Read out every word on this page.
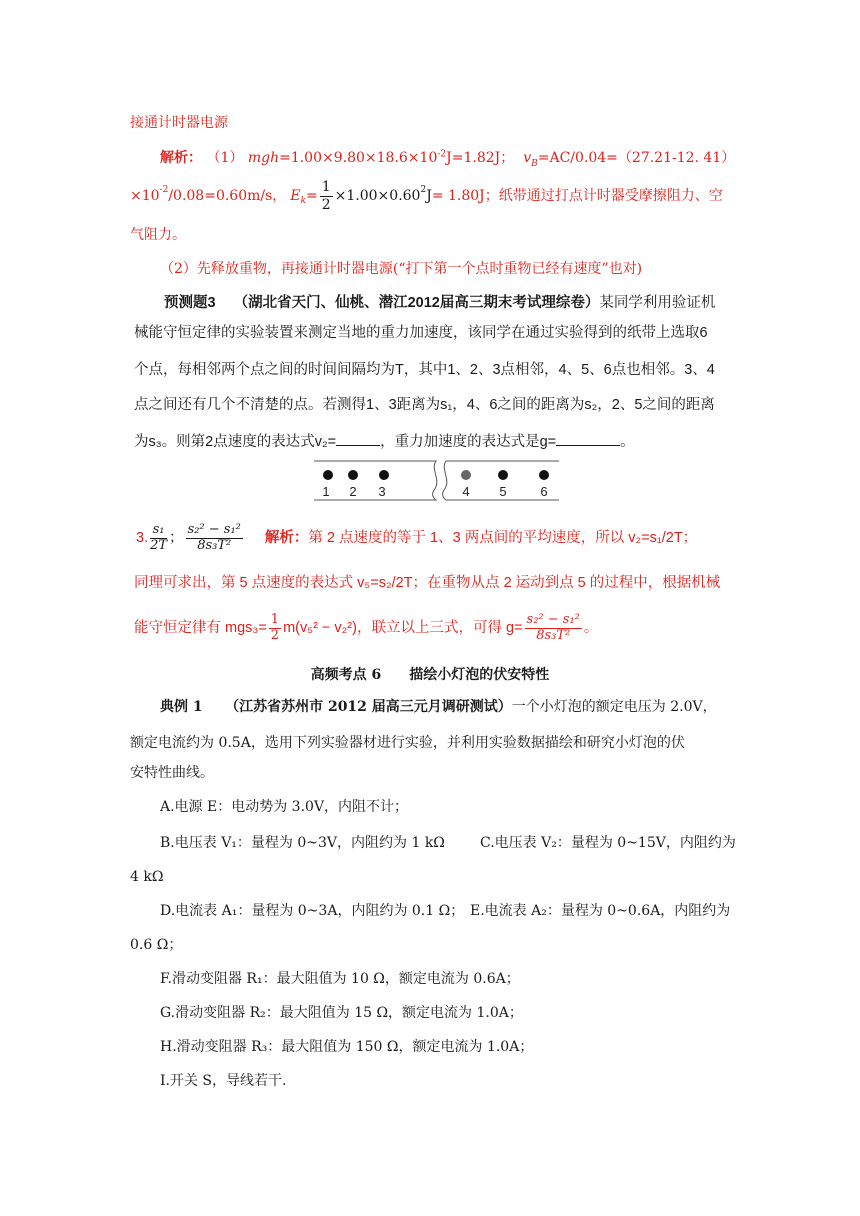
接通计时器电源
解析： （1） $mgh=1.00\times 9.80\times 18.6\times 10^{-2}J=1.82J$； $v_B=AC/0.04=(27.21-12$. 41）
$\times 10^{-2}$ /0.08=0.60m/s， $E_k = \frac{1}{2} \times 1.00\times 0.60^2$ J = 1.80J；纸带通过打点计时器受摩擦阻力、空
气阻力。
（2）先释放重物，再接通计时器电源(“打下第一个点时重物已经有速度”也对)
预测题3 （湖北省天门、仙桃、潜江2012届高三期末考试理综卷）某同学利用验证机
械能守恒定律的实验装置来测定当地的重力加速度，该同学在通过实验得到的纸带上选取6
个点，每相邻两个点之间的时间间隔均为T，其中1、2、3点相邻，4、5、6点也相邻。3、4
点之间还有几个不清楚的点。若测得1、3距离为s₁，4、6之间的距离为s₂，2、5之间的距离
为s₃。则第2点速度的表达式v₂=	，重力加速度的表达式是g=	。
1 2 3	4 5	6
3. $\frac{\text{s₁}}{2T}$ ； $\frac{\text{s₂² − s₁²}}{\text{8s₃T²}}$ 解析： 第 2 点速度的等于 1、3 两点间的平均速度，所以 v₂=s₁/2T；
同理可求出，第 5 点速度的表达式 v₅=s₂/2T；在重物从点 2 运动到点 5 的过程中，根据机械
能守恒定律有 $mgs_3= \frac{1}{2} m(v_5^2 - v_2^2)$，联立以上三式，可得 $g= \frac{\text{s₂² − s₁²}}{\text{8s₃T²}}$ 。
高频考点 6　　描绘小灯泡的伏安特性
典例 1 （江苏省苏州市 2012 届高三元月调研测试）一个小灯泡的额定电压为 2.0V，
额定电流约为 0.5A，选用下列实验器材进行实验，并利用实验数据描绘和研究小灯泡的伏
安特性曲线。
A.电源 E：电动势为 3.0V，内阻不计；
B.电压表 V₁：量程为 0~3V，内阻约为 1 kΩ	C.电压表 V₂：量程为 0~15V，内阻约为
4 kΩ
D.电流表 A₁：量程为 0~3A，内阻约为 0.1 Ω； E.电流表 A₂：量程为 0~0.6A，内阻约为
0.6 Ω；
F.滑动变阻器 R₁：最大阻值为 10 Ω，额定电流为 0.6A；
G.滑动变阻器 R₂：最大阻值为 15 Ω，额定电流为 1.0A；
H.滑动变阻器 R₃：最大阻值为 150 Ω，额定电流为 1.0A；
I.开关 S，导线若干.
